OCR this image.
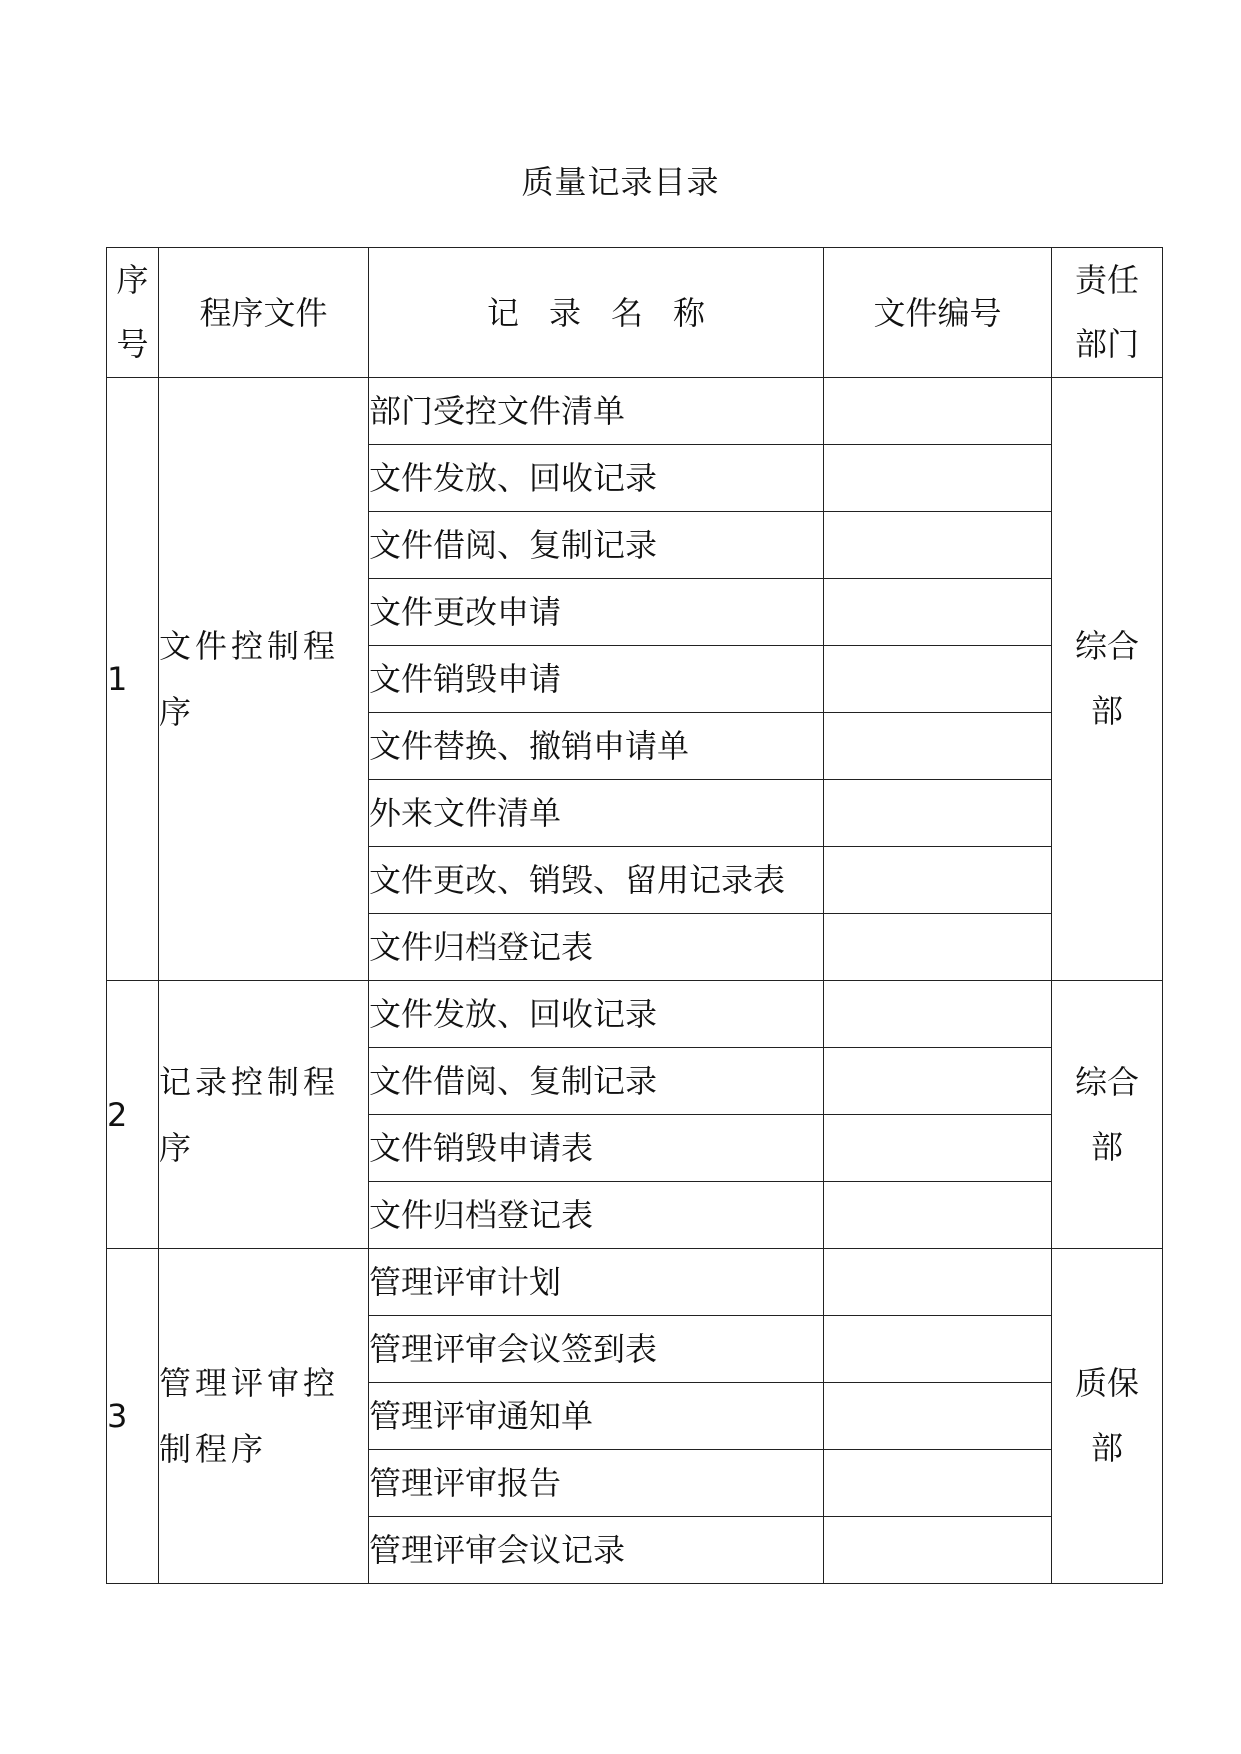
质量记录目录
序号	程序文件	记录名称	文件编号	责任部门
1	文件控制程序	部门受控文件清单		综合部
		文件发放、回收记录		
		文件借阅、复制记录		
		文件更改申请		
		文件销毁申请		
		文件替换、撤销申请单		
		外来文件清单		
		文件更改、销毁、留用记录表		
		文件归档登记表		
2	记录控制程序	文件发放、回收记录		综合部
		文件借阅、复制记录		
		文件销毁申请表		
		文件归档登记表		
3	管理评审控制程序	管理评审计划		质保部
		管理评审会议签到表		
		管理评审通知单		
		管理评审报告		
		管理评审会议记录		
